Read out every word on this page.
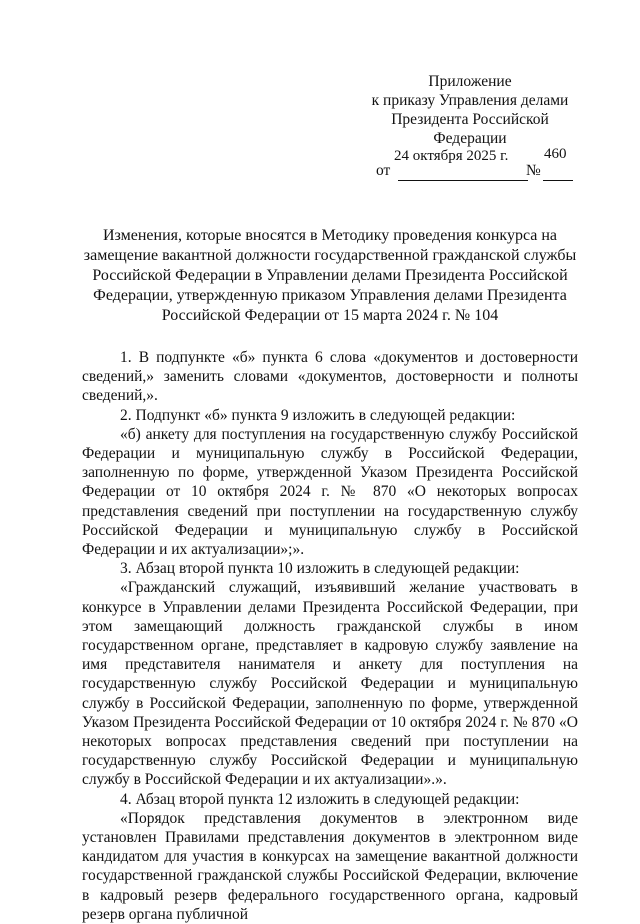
Приложение
к приказу Управления делами
Президента Российской
Федерации
от
24 октября 2025 г.
№
460
Изменения, которые вносятся в Методику проведения конкурса на
замещение вакантной должности государственной гражданской службы
Российской Федерации в Управлении делами Президента Российской
Федерации, утвержденную приказом Управления делами Президента
Российской Федерации от 15 марта 2024 г. № 104

1. В подпункте «б» пункта 6 слова «документов и достоверности сведений,» заменить словами «документов, достоверности и полноты сведений,».

2. Подпункт «б» пункта 9 изложить в следующей редакции:

«б) анкету для поступления на государственную службу Российской Федерации и муниципальную службу в Российской Федерации, заполненную по форме, утвержденной Указом Президента Российской Федерации от 10 октября 2024 г. № 870 «О некоторых вопросах представления сведений при поступлении на государственную службу Российской Федерации и муниципальную службу в Российской Федерации и их актуализации»;».

3. Абзац второй пункта 10 изложить в следующей редакции:

«Гражданский служащий, изъявивший желание участвовать в конкурсе в Управлении делами Президента Российской Федерации, при этом замещающий должность гражданской службы в ином государственном органе, представляет в кадровую службу заявление на имя представителя нанимателя и анкету для поступления на государственную службу Российской Федерации и муниципальную службу в Российской Федерации, заполненную по форме, утвержденной Указом Президента Российской Федерации от 10 октября 2024 г. № 870 «О некоторых вопросах представления сведений при поступлении на государственную службу Российской Федерации и муниципальную службу в Российской Федерации и их актуализации».».

4. Абзац второй пункта 12 изложить в следующей редакции:

«Порядок представления документов в электронном виде установлен Правилами представления документов в электронном виде кандидатом для участия в конкурсах на замещение вакантной должности государственной гражданской службы Российской Федерации, включение в кадровый резерв федерального государственного органа, кадровый резерв органа публичной
